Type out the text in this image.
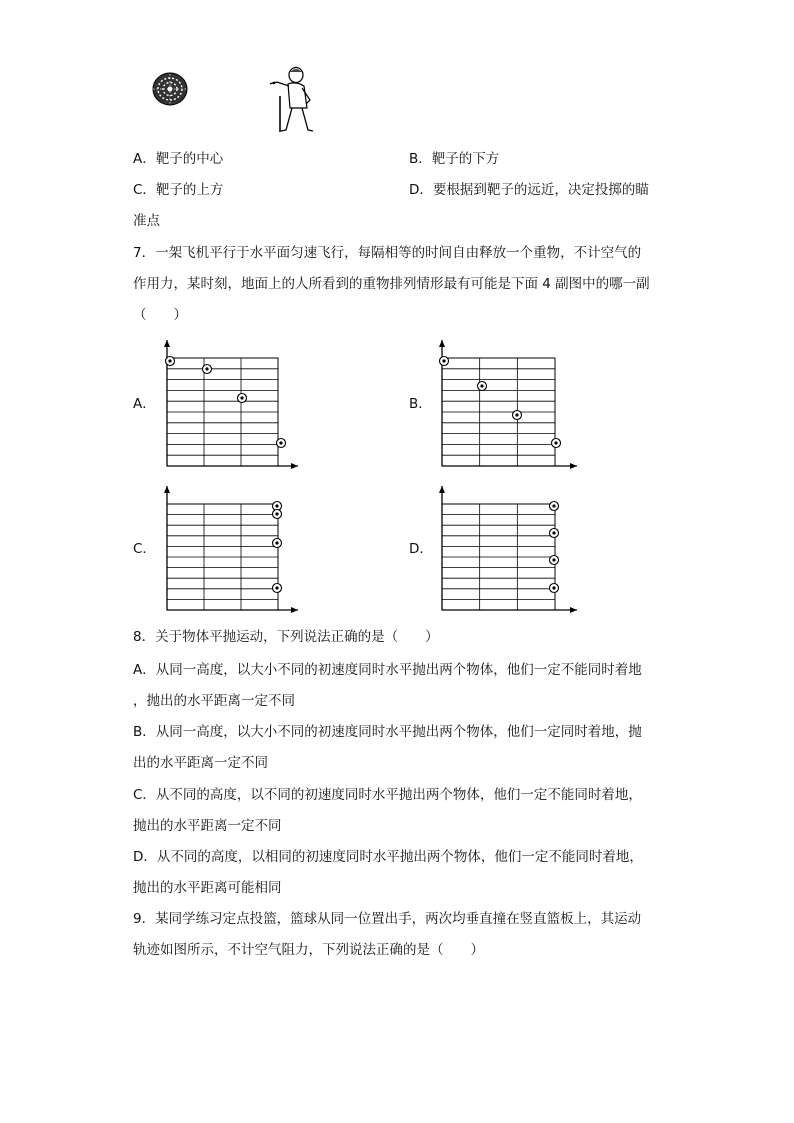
A．靶子的中心	B．靶子的下方
C．靶子的上方	D．要根据到靶子的远近，决定投掷的瞄
准点
7．一架飞机平行于水平面匀速飞行，每隔相等的时间自由释放一个重物，不计空气的
作用力，某时刻，地面上的人所看到的重物排列情形最有可能是下面 4 副图中的哪一副
（　　）
A．	B．
C．	D．
8．关于物体平抛运动，下列说法正确的是（　　）
A．从同一高度，以大小不同的初速度同时水平抛出两个物体，他们一定不能同时着地
，抛出的水平距离一定不同
B．从同一高度，以大小不同的初速度同时水平抛出两个物体，他们一定同时着地，抛
出的水平距离一定不同
C．从不同的高度，以不同的初速度同时水平抛出两个物体，他们一定不能同时着地，
抛出的水平距离一定不同
D．从不同的高度，以相同的初速度同时水平抛出两个物体，他们一定不能同时着地，
抛出的水平距离可能相同
9．某同学练习定点投篮，篮球从同一位置出手，两次均垂直撞在竖直篮板上，其运动
轨迹如图所示，不计空气阻力，下列说法正确的是（　　）
